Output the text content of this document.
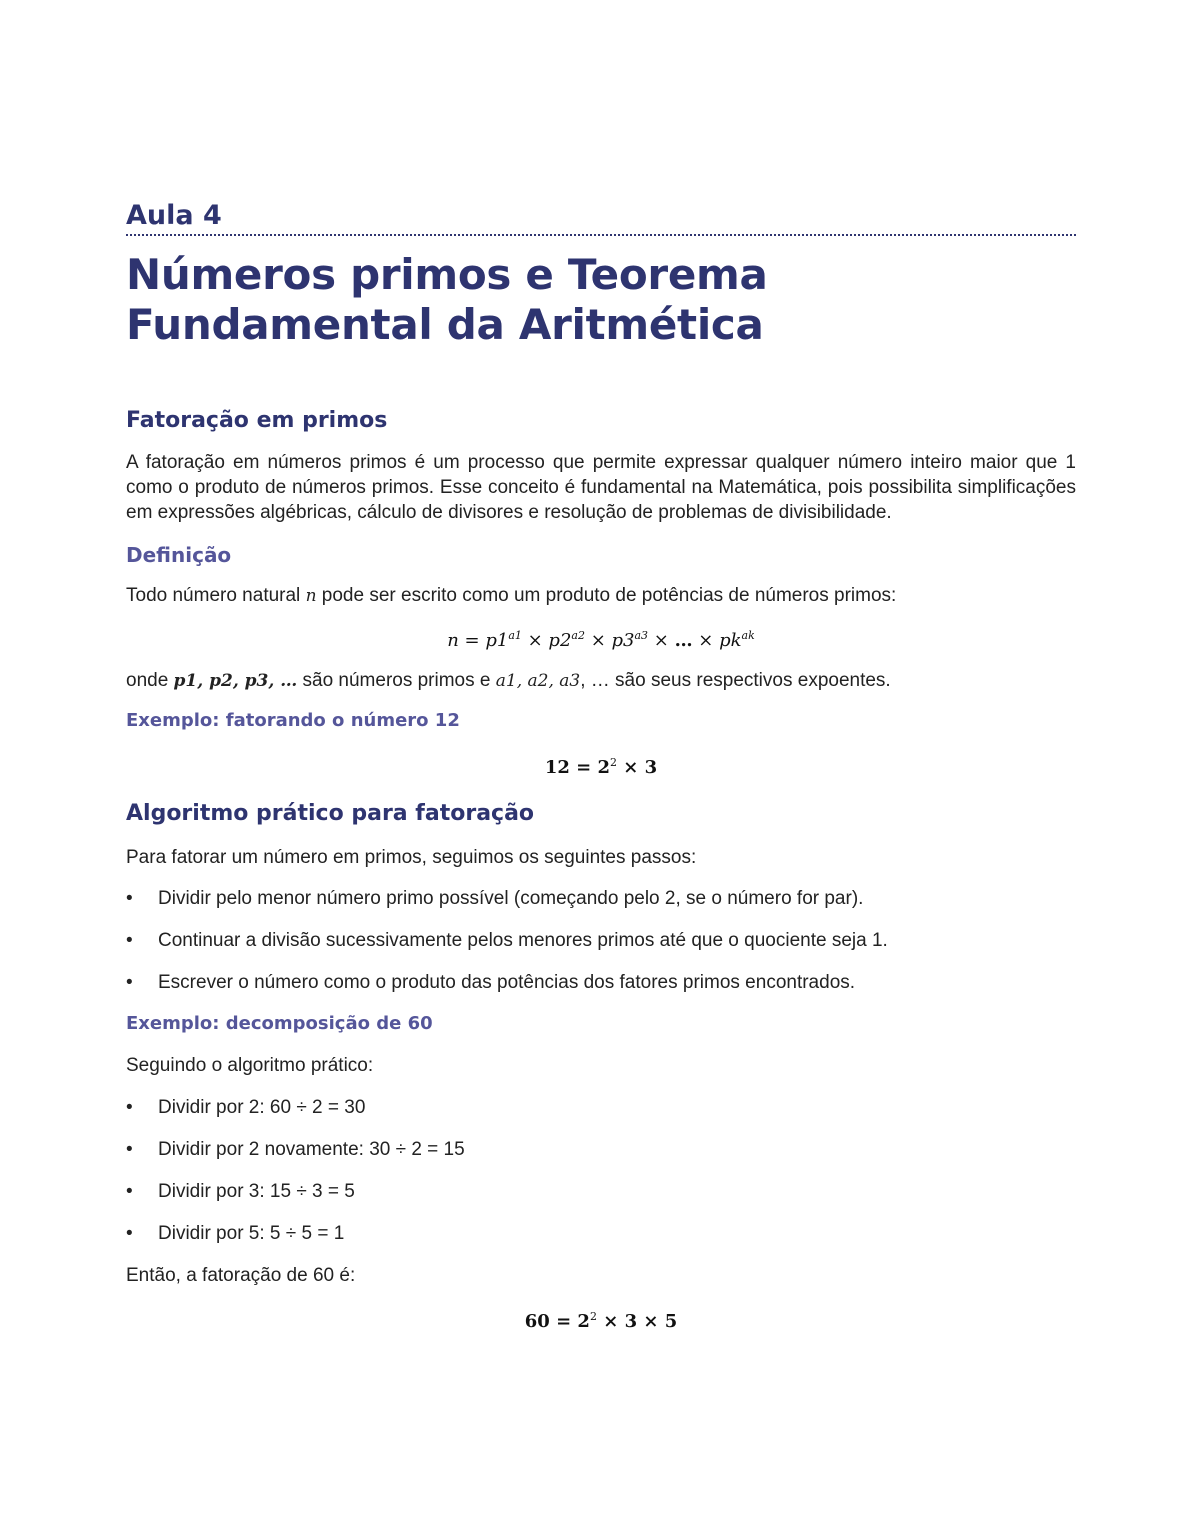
Aula 4
Números primos e Teorema
Fundamental da Aritmética
Fatoração em primos

A fatoração em números primos é um processo que permite expressar qualquer número inteiro maior que 1 como o produto de números primos. Esse conceito é fundamental na Matemática, pois possibilita simplificações em expressões algébricas, cálculo de divisores e resolução de problemas de divisibilidade.

Definição

Todo número natural n pode ser escrito como um produto de potências de números primos:

$n = p1^{a1} \times p2^{a2} \times p3^{a3}$ × … × $pk^{ak}$

onde p1, p2, p3, … são números primos e a1, a2, a3, … são seus respectivos expoentes.

Exemplo: fatorando o número 12
$12 = 2^2 \times 3$
Algoritmo prático para fatoração

Para fatorar um número em primos, seguimos os seguintes passos:

• Dividir pelo menor número primo possível (começando pelo 2, se o número for par).
• Continuar a divisão sucessivamente pelos menores primos até que o quociente seja 1.
• Escrever o número como o produto das potências dos fatores primos encontrados.
Exemplo: decomposição de 60

Seguindo o algoritmo prático:

• Dividir por 2: 60 ÷ 2 = 30
• Dividir por 2 novamente: 30 ÷ 2 = 15
• Dividir por 3: 15 ÷ 3 = 5
• Dividir por 5: 5 ÷ 5 = 1

Então, a fatoração de 60 é:

$60 = 2^2 \times 3 \times 5$
